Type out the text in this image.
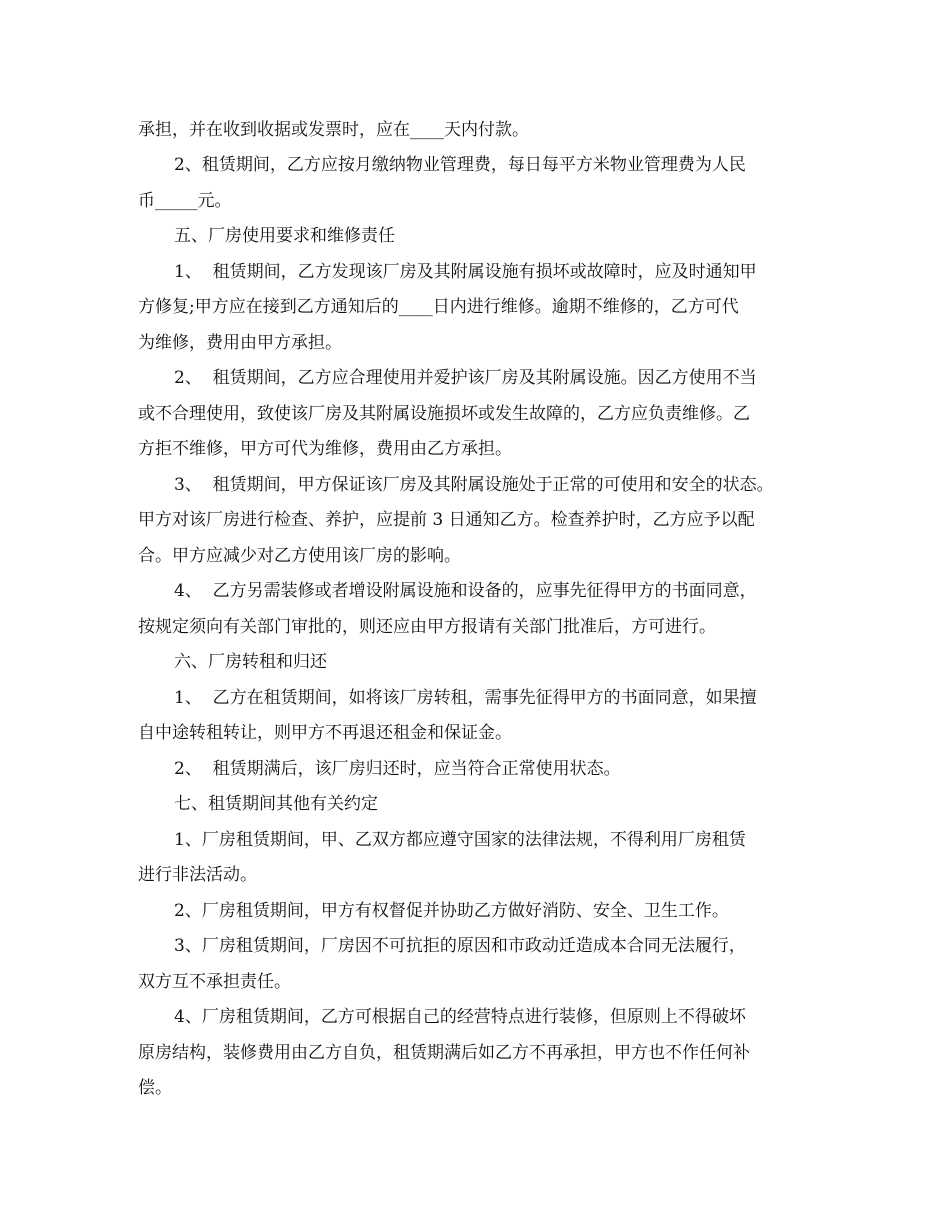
承担，并在收到收据或发票时，应在____天内付款。
2、租赁期间，乙方应按月缴纳物业管理费，每日每平方米物业管理费为人民
币_____元。
五、厂房使用要求和维修责任
1、  租赁期间，乙方发现该厂房及其附属设施有损坏或故障时，应及时通知甲
方修复;甲方应在接到乙方通知后的____日内进行维修。逾期不维修的，乙方可代
为维修，费用由甲方承担。
2、  租赁期间，乙方应合理使用并爱护该厂房及其附属设施。因乙方使用不当
或不合理使用，致使该厂房及其附属设施损坏或发生故障的，乙方应负责维修。乙
方拒不维修，甲方可代为维修，费用由乙方承担。
3、  租赁期间，甲方保证该厂房及其附属设施处于正常的可使用和安全的状态。
甲方对该厂房进行检查、养护，应提前 3 日通知乙方。检查养护时，乙方应予以配
合。甲方应减少对乙方使用该厂房的影响。
4、  乙方另需装修或者增设附属设施和设备的，应事先征得甲方的书面同意，
按规定须向有关部门审批的，则还应由甲方报请有关部门批准后，方可进行。
六、厂房转租和归还
1、  乙方在租赁期间，如将该厂房转租，需事先征得甲方的书面同意，如果擅
自中途转租转让，则甲方不再退还租金和保证金。
2、  租赁期满后，该厂房归还时，应当符合正常使用状态。
七、租赁期间其他有关约定
1、厂房租赁期间，甲、乙双方都应遵守国家的法律法规，不得利用厂房租赁
进行非法活动。
2、厂房租赁期间，甲方有权督促并协助乙方做好消防、安全、卫生工作。
3、厂房租赁期间，厂房因不可抗拒的原因和市政动迁造成本合同无法履行，
双方互不承担责任。
4、厂房租赁期间，乙方可根据自己的经营特点进行装修，但原则上不得破坏
原房结构，装修费用由乙方自负，租赁期满后如乙方不再承担，甲方也不作任何补
偿。
